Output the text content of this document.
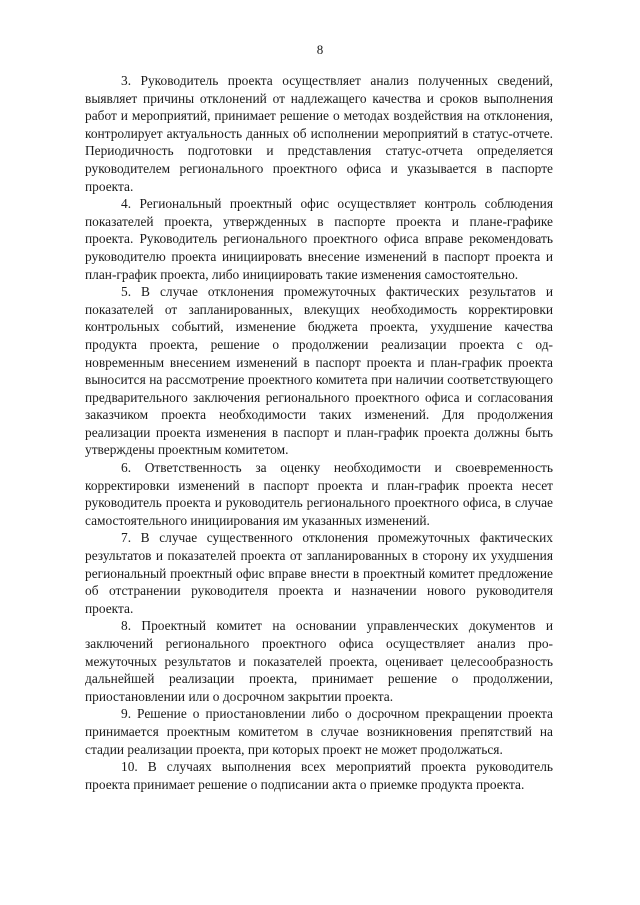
8

3. Руководитель проекта осуществляет анализ полученных сведений, выявляет причины отклонений от надлежащего качества и сроков выполнения работ и мероприятий, принимает решение о методах воздействия на отклонения, контролирует актуальность данных об исполнении мероприятий в статус-отчете. Периодичность подготовки и представления статус-отчета определяется руководителем регионального проектного офиса и указывается в паспорте проекта.

4. Региональный проектный офис осуществляет контроль соблюдения показателей проекта, утвержденных в паспорте проекта и плане-графике проекта. Руководитель регионального проектного офиса вправе рекомендовать руководителю проекта инициировать внесение изменений в паспорт проекта и план-график проекта, либо инициировать такие изменения самостоятельно.

5. В случае отклонения промежуточных фактических результатов и показателей от запланированных, влекущих необходимость корректировки контрольных событий, изменение бюджета проекта, ухудшение качества продукта проекта, решение о продолжении реализации проекта с одновременным внесением изменений в паспорт проекта и план-график проекта выносится на рассмотрение проектного комитета при наличии соответствующего предварительного заключения регионального проектного офиса и согласования заказчиком проекта необходимости таких изменений. Для продолжения реализации проекта изменения в паспорт и план-график проекта должны быть утверждены проектным комитетом.

6. Ответственность за оценку необходимости и своевременность корректировки изменений в паспорт проекта и план-график проекта несет руководитель проекта и руководитель регионального проектного офиса, в случае самостоятельного инициирования им указанных изменений.

7. В случае существенного отклонения промежуточных фактических результатов и показателей проекта от запланированных в сторону их ухудшения региональный проектный офис вправе внести в проектный комитет предложение об отстранении руководителя проекта и назначении нового руководителя проекта.

8. Проектный комитет на основании управленческих документов и заключений регионального проектного офиса осуществляет анализ промежуточных результатов и показателей проекта, оценивает целесообразность дальнейшей реализации проекта, принимает решение о продолжении, приостановлении или о досрочном закрытии проекта.

9. Решение о приостановлении либо о досрочном прекращении проекта принимается проектным комитетом в случае возникновения препятствий на стадии реализации проекта, при которых проект не может продолжаться.

10. В случаях выполнения всех мероприятий проекта руководитель проекта принимает решение о подписании акта о приемке продукта проекта.
